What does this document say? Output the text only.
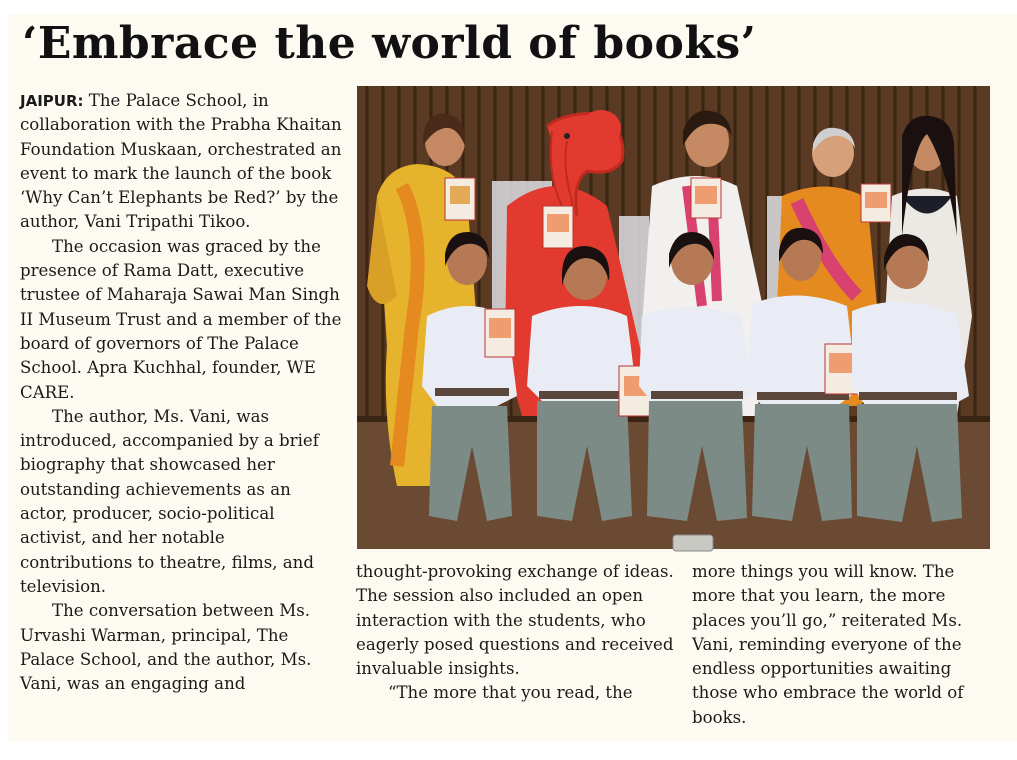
‘Embrace the world of books’

JAIPUR: The Palace School, in collaboration with the Prabha Khaitan Foundation Muskaan, orchestrated an event to mark the launch of the book ‘Why Can’t Elephants be Red?’ by the author, Vani Tripathi Tikoo.

The occasion was graced by the presence of Rama Datt, executive trustee of Maharaja Sawai Man Singh II Museum Trust and a member of the board of governors of The Palace School. Apra Kuchhal, founder, WE CARE.

The author, Ms. Vani, was introduced, accompanied by a brief biography that showcased her outstanding achievements as an actor, producer, socio-political activist, and her notable contributions to theatre, films, and television.

The conversation between Ms. Urvashi Warman, principal, The Palace School, and the author, Ms. Vani, was an engaging and

thought-provoking exchange of ideas. The session also included an open interaction with the students, who eagerly posed questions and received invaluable insights.

“The more that you read, the

more things you will know. The more that you learn, the more places you’ll go,” reiterated Ms. Vani, reminding everyone of the endless opportunities awaiting those who embrace the world of books.
